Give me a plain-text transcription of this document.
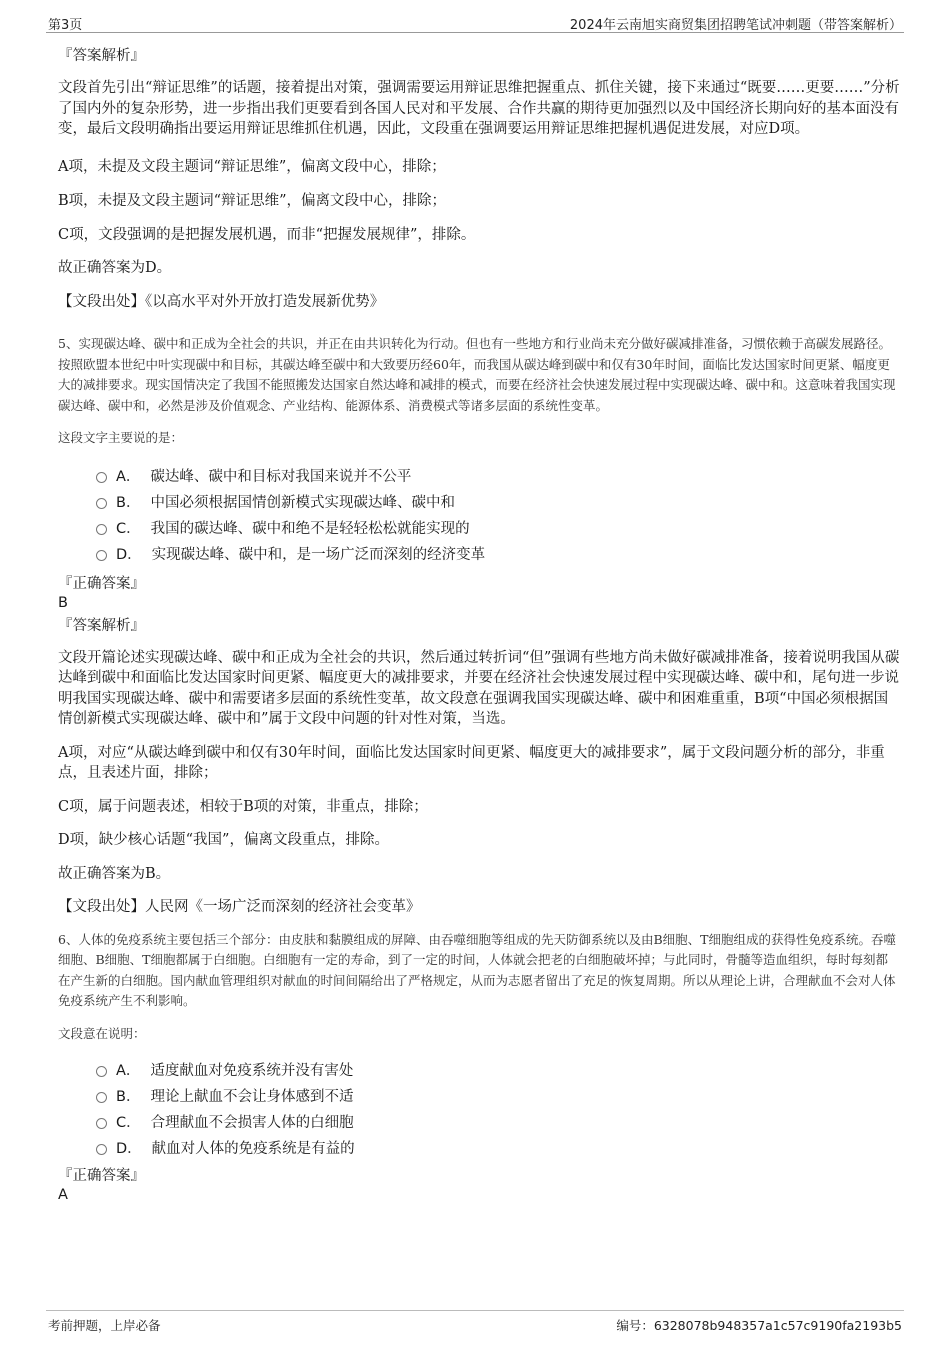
第3页	2024年云南旭实商贸集团招聘笔试冲刺题（带答案解析）

『答案解析』

文段首先引出“辩证思维”的话题，接着提出对策，强调需要运用辩证思维把握重点、抓住关键，接下来通过“既要……更要……”分析了国内外的复杂形势，进一步指出我们更要看到各国人民对和平发展、合作共赢的期待更加强烈以及中国经济长期向好的基本面没有变，最后文段明确指出要运用辩证思维抓住机遇，因此，文段重在强调要运用辩证思维把握机遇促进发展，对应D项。

A项，未提及文段主题词“辩证思维”，偏离文段中心，排除；

B项，未提及文段主题词“辩证思维”，偏离文段中心，排除；

C项，文段强调的是把握发展机遇，而非“把握发展规律”，排除。

故正确答案为D。

【文段出处】《以高水平对外开放打造发展新优势》

5、实现碳达峰、碳中和正成为全社会的共识，并正在由共识转化为行动。但也有一些地方和行业尚未充分做好碳减排准备，习惯依赖于高碳发展路径。按照欧盟本世纪中叶实现碳中和目标，其碳达峰至碳中和大致要历经60年，而我国从碳达峰到碳中和仅有30年时间，面临比发达国家时间更紧、幅度更大的减排要求。现实国情决定了我国不能照搬发达国家自然达峰和减排的模式，而要在经济社会快速发展过程中实现碳达峰、碳中和。这意味着我国实现碳达峰、碳中和，必然是涉及价值观念、产业结构、能源体系、消费模式等诸多层面的系统性变革。

这段文字主要说的是：

A． 碳达峰、碳中和目标对我国来说并不公平
B． 中国必须根据国情创新模式实现碳达峰、碳中和
C． 我国的碳达峰、碳中和绝不是轻轻松松就能实现的
D． 实现碳达峰、碳中和，是一场广泛而深刻的经济变革

『正确答案』

B

『答案解析』

文段开篇论述实现碳达峰、碳中和正成为全社会的共识，然后通过转折词“但”强调有些地方尚未做好碳减排准备，接着说明我国从碳达峰到碳中和面临比发达国家时间更紧、幅度更大的减排要求，并要在经济社会快速发展过程中实现碳达峰、碳中和，尾句进一步说明我国实现碳达峰、碳中和需要诸多层面的系统性变革，故文段意在强调我国实现碳达峰、碳中和困难重重，B项“中国必须根据国情创新模式实现碳达峰、碳中和”属于文段中问题的针对性对策，当选。

A项，对应“从碳达峰到碳中和仅有30年时间，面临比发达国家时间更紧、幅度更大的减排要求”，属于文段问题分析的部分，非重点，且表述片面，排除；

C项，属于问题表述，相较于B项的对策，非重点，排除；

D项，缺少核心话题“我国”，偏离文段重点，排除。

故正确答案为B。

【文段出处】人民网《一场广泛而深刻的经济社会变革》

6、人体的免疫系统主要包括三个部分：由皮肤和黏膜组成的屏障、由吞噬细胞等组成的先天防御系统以及由B细胞、T细胞组成的获得性免疫系统。吞噬细胞、B细胞、T细胞都属于白细胞。白细胞有一定的寿命，到了一定的时间，人体就会把老的白细胞破坏掉；与此同时，骨髓等造血组织，每时每刻都在产生新的白细胞。国内献血管理组织对献血的时间间隔给出了严格规定，从而为志愿者留出了充足的恢复周期。所以从理论上讲，合理献血不会对人体免疫系统产生不利影响。

文段意在说明：

A． 适度献血对免疫系统并没有害处
B． 理论上献血不会让身体感到不适
C． 合理献血不会损害人体的白细胞
D． 献血对人体的免疫系统是有益的

『正确答案』

A

考前押题，上岸必备	编号：6328078b948357a1c57c9190fa2193b5
